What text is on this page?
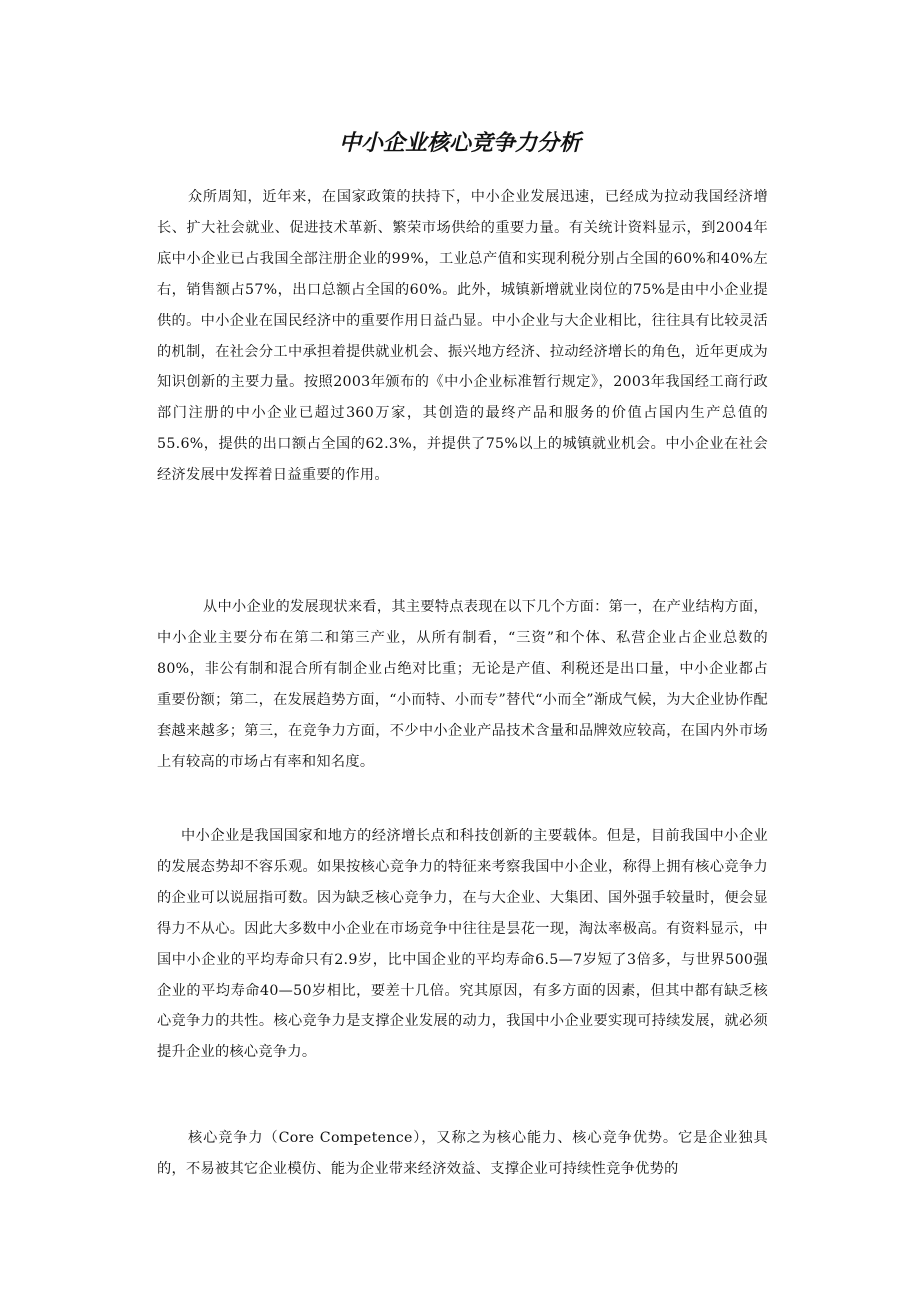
中小企业核心竞争力分析

众所周知，近年来，在国家政策的扶持下，中小企业发展迅速，已经成为拉动我国经济增长、扩大社会就业、促进技术革新、繁荣市场供给的重要力量。有关统计资料显示，到2004年底中小企业已占我国全部注册企业的99%，工业总产值和实现利税分别占全国的60%和40%左右，销售额占57%，出口总额占全国的60%。此外，城镇新增就业岗位的75%是由中小企业提供的。中小企业在国民经济中的重要作用日益凸显。中小企业与大企业相比，往往具有比较灵活的机制，在社会分工中承担着提供就业机会、振兴地方经济、拉动经济增长的角色，近年更成为知识创新的主要力量。按照2003年颁布的《中小企业标准暂行规定》，2003年我国经工商行政部门注册的中小企业已超过360万家，其创造的最终产品和服务的价值占国内生产总值的55.6%，提供的出口额占全国的62.3%，并提供了75%以上的城镇就业机会。中小企业在社会经济发展中发挥着日益重要的作用。

从中小企业的发展现状来看，其主要特点表现在以下几个方面：第一，在产业结构方面，中小企业主要分布在第二和第三产业，从所有制看，“三资”和个体、私营企业占企业总数的80%，非公有制和混合所有制企业占绝对比重；无论是产值、利税还是出口量，中小企业都占重要份额；第二，在发展趋势方面，“小而特、小而专”替代“小而全”渐成气候，为大企业协作配套越来越多；第三，在竞争力方面，不少中小企业产品技术含量和品牌效应较高，在国内外市场上有较高的市场占有率和知名度。

中小企业是我国国家和地方的经济增长点和科技创新的主要载体。但是，目前我国中小企业的发展态势却不容乐观。如果按核心竞争力的特征来考察我国中小企业，称得上拥有核心竞争力的企业可以说屈指可数。因为缺乏核心竞争力，在与大企业、大集团、国外强手较量时，便会显得力不从心。因此大多数中小企业在市场竞争中往往是昙花一现，淘汰率极高。有资料显示，中国中小企业的平均寿命只有2.9岁，比中国企业的平均寿命6.5—7岁短了3倍多，与世界500强企业的平均寿命40—50岁相比，要差十几倍。究其原因，有多方面的因素，但其中都有缺乏核心竞争力的共性。核心竞争力是支撑企业发展的动力，我国中小企业要实现可持续发展，就必须提升企业的核心竞争力。

核心竞争力（Core Competence），又称之为核心能力、核心竞争优势。它是企业独具的，不易被其它企业模仿、能为企业带来经济效益、支撑企业可持续性竞争优势的
